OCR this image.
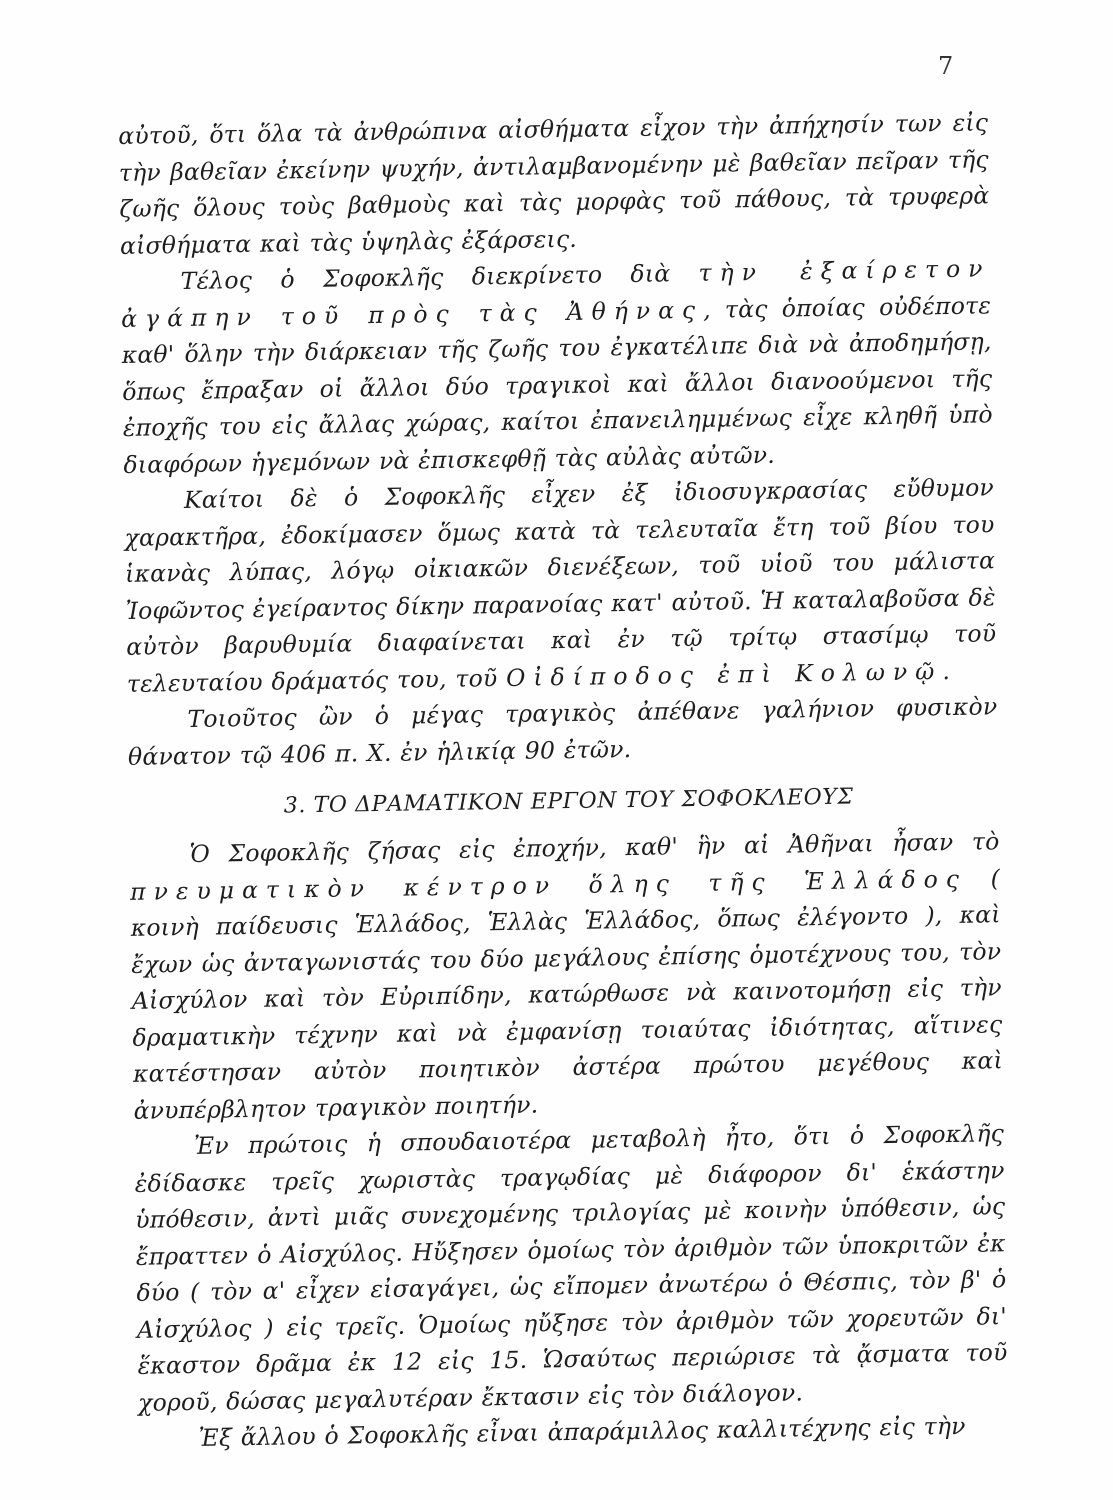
7

αὐτοῦ, ὅτι ὅλα τὰ ἀνθρώπινα αἰσθήματα εἶχον τὴν ἀπήχησίν των εἰς τὴν βαθεῖαν ἐκείνην ψυχήν, ἀντιλαμβανομένην μὲ βαθεῖαν πεῖραν τῆς ζωῆς ὅλους τοὺς βαθμοὺς καὶ τὰς μορφὰς τοῦ πάθους, τὰ τρυφερὰ αἰσθήματα καὶ τὰς ὑψηλὰς ἐξάρσεις.

Τέλος ὁ Σοφοκλῆς διεκρίνετο διὰ τὴν ἐξαίρετον ἀγάπην τοῦ πρὸς τὰς Ἀθήνας, τὰς ὁποίας οὐδέποτε καθ' ὅλην τὴν διάρκειαν τῆς ζωῆς του ἐγκατέλιπε διὰ νὰ ἀποδημήσῃ, ὅπως ἔπραξαν οἱ ἄλλοι δύο τραγικοὶ καὶ ἄλλοι διανοούμενοι τῆς ἐποχῆς του εἰς ἄλλας χώρας, καίτοι ἐπανειλημμένως εἶχε κληθῆ ὑπὸ διαφόρων ἡγεμόνων νὰ ἐπισκεφθῇ τὰς αὐλὰς αὐτῶν.

Καίτοι δὲ ὁ Σοφοκλῆς εἶχεν ἐξ ἰδιοσυγκρασίας εὔθυμον χαρακτῆρα, ἐδοκίμασεν ὅμως κατὰ τὰ τελευταῖα ἔτη τοῦ βίου του ἱκανὰς λύπας, λόγῳ οἰκιακῶν διενέξεων, τοῦ υἱοῦ του μάλιστα Ἰοφῶντος ἐγείραντος δίκην παρανοίας κατ' αὐτοῦ. Ἡ καταλαβοῦσα δὲ αὐτὸν βαρυθυμία διαφαίνεται καὶ ἐν τῷ τρίτῳ στασίμῳ τοῦ τελευταίου δράματός του, τοῦ Οἰδίποδος ἐπὶ Κολωνῷ.

Τοιοῦτος ὢν ὁ μέγας τραγικὸς ἀπέθανε γαλήνιον φυσικὸν θάνατον τῷ 406 π. Χ. ἐν ἡλικίᾳ 90 ἐτῶν.

3. ΤΟ ΔΡΑΜΑΤΙΚΟΝ ΕΡΓΟΝ ΤΟΥ ΣΟΦΟΚΛΕΟΥΣ

Ὁ Σοφοκλῆς ζήσας εἰς ἐποχήν, καθ' ἣν αἱ Ἀθῆναι ἦσαν τὸ πνευματικὸν κέντρον ὅλης τῆς Ἑλλάδος ( κοινὴ παίδευσις Ἑλλάδος, Ἑλλὰς Ἑλλάδος, ὅπως ἐλέγοντο ), καὶ ἔχων ὡς ἀνταγωνιστάς του δύο μεγάλους ἐπίσης ὁμοτέχνους του, τὸν Αἰσχύλον καὶ τὸν Εὐριπίδην, κατώρθωσε νὰ καινοτομήσῃ εἰς τὴν δραματικὴν τέχνην καὶ νὰ ἐμφανίσῃ τοιαύτας ἰδιότητας, αἵτινες κατέστησαν αὐτὸν ποιητικὸν ἀστέρα πρώτου μεγέθους καὶ ἀνυπέρβλητον τραγικὸν ποιητήν.

Ἐν πρώτοις ἡ σπουδαιοτέρα μεταβολὴ ἦτο, ὅτι ὁ Σοφοκλῆς ἐδίδασκε τρεῖς χωριστὰς τραγῳδίας μὲ διάφορον δι' ἑκάστην ὑπόθεσιν, ἀντὶ μιᾶς συνεχομένης τριλογίας μὲ κοινὴν ὑπόθεσιν, ὡς ἔπραττεν ὁ Αἰσχύλος. Ηὔξησεν ὁμοίως τὸν ἀριθμὸν τῶν ὑποκριτῶν ἐκ δύο ( τὸν α' εἶχεν εἰσαγάγει, ὡς εἴπομεν ἀνωτέρω ὁ Θέσπις, τὸν β' ὁ Αἰσχύλος ) εἰς τρεῖς. Ὁμοίως ηὔξησε τὸν ἀριθμὸν τῶν χορευτῶν δι' ἕκαστον δρᾶμα ἐκ 12 εἰς 15. Ὡσαύτως περιώρισε τὰ ᾄσματα τοῦ χοροῦ, δώσας μεγαλυτέραν ἔκτασιν εἰς τὸν διάλογον.

Ἐξ ἄλλου ὁ Σοφοκλῆς εἶναι ἀπαράμιλλος καλλιτέχνης εἰς τὴν
